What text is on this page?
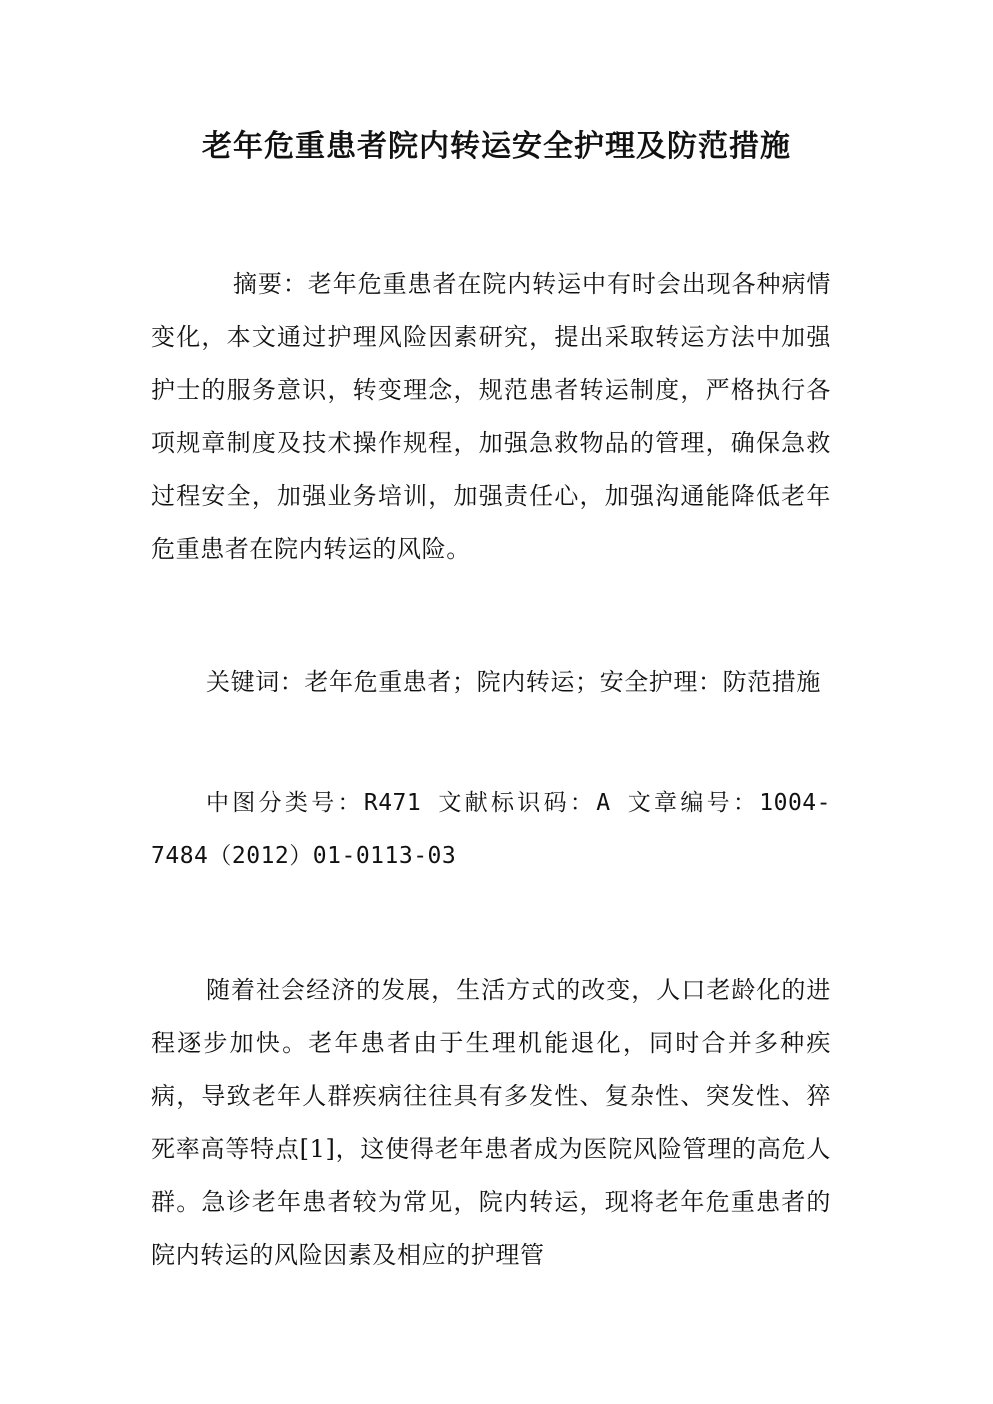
老年危重患者院内转运安全护理及防范措施

摘要：老年危重患者在院内转运中有时会出现各种病情变化，本文通过护理风险因素研究，提出采取转运方法中加强护士的服务意识，转变理念，规范患者转运制度，严格执行各项规章制度及技术操作规程，加强急救物品的管理，确保急救过程安全，加强业务培训，加强责任心，加强沟通能降低老年危重患者在院内转运的风险。

关键词：老年危重患者；院内转运；安全护理：防范措施

中图分类号：R471 文献标识码：A 文章编号：1004-7484（2012）01-0113-03

随着社会经济的发展，生活方式的改变，人口老龄化的进程逐步加快。老年患者由于生理机能退化，同时合并多种疾病，导致老年人群疾病往往具有多发性、复杂性、突发性、猝死率高等特点[1]，这使得老年患者成为医院风险管理的高危人群。急诊老年患者较为常见，院内转运，现将老年危重患者的院内转运的风险因素及相应的护理管
